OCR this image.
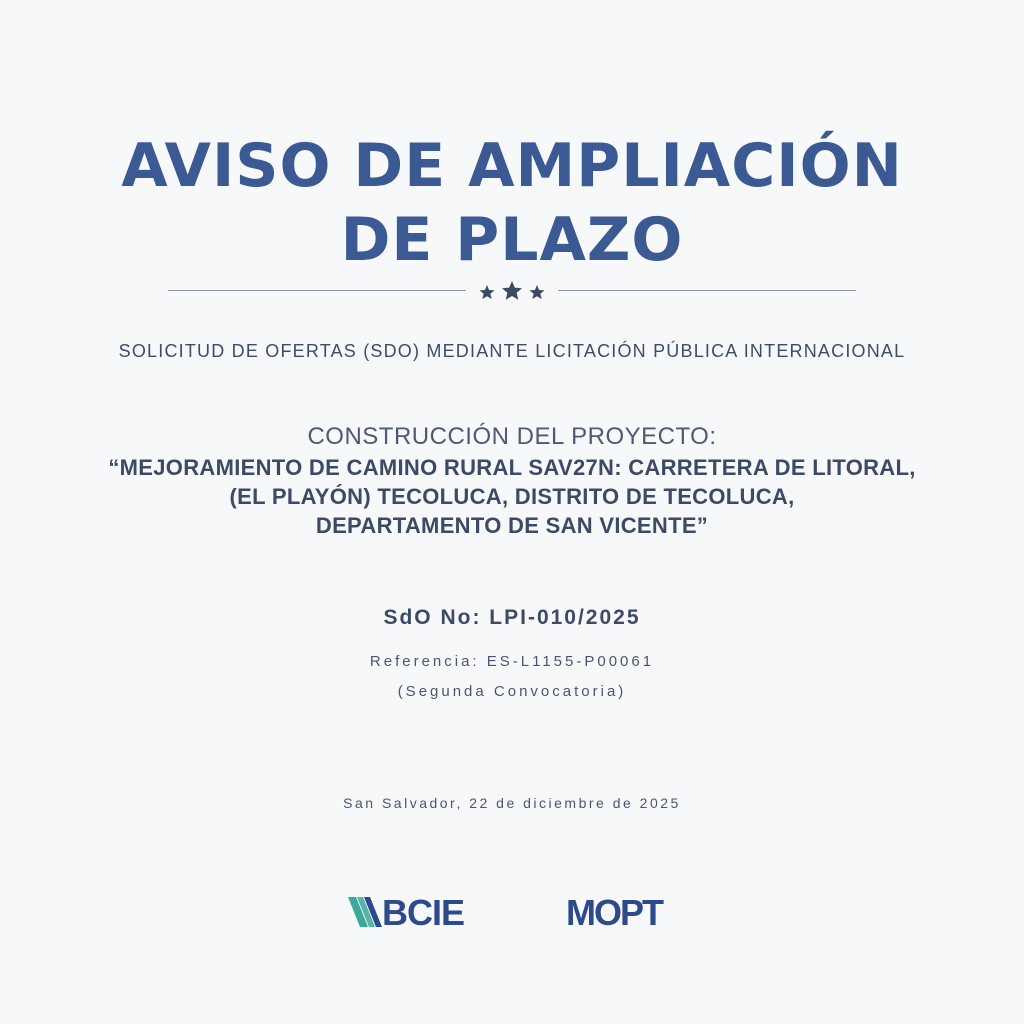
AVISO DE AMPLIACIÓN
DE PLAZO
SOLICITUD DE OFERTAS (SDO) MEDIANTE LICITACIÓN PÚBLICA INTERNACIONAL
CONSTRUCCIÓN DEL PROYECTO:
“MEJORAMIENTO DE CAMINO RURAL SAV27N: CARRETERA DE LITORAL,
(EL PLAYÓN) TECOLUCA, DISTRITO DE TECOLUCA,
DEPARTAMENTO DE SAN VICENTE”
SdO No: LPI-010/2025
Referencia: ES-L1155-P00061
(Segunda Convocatoria)
San Salvador, 22 de diciembre de 2025
BCIE	MOPT
